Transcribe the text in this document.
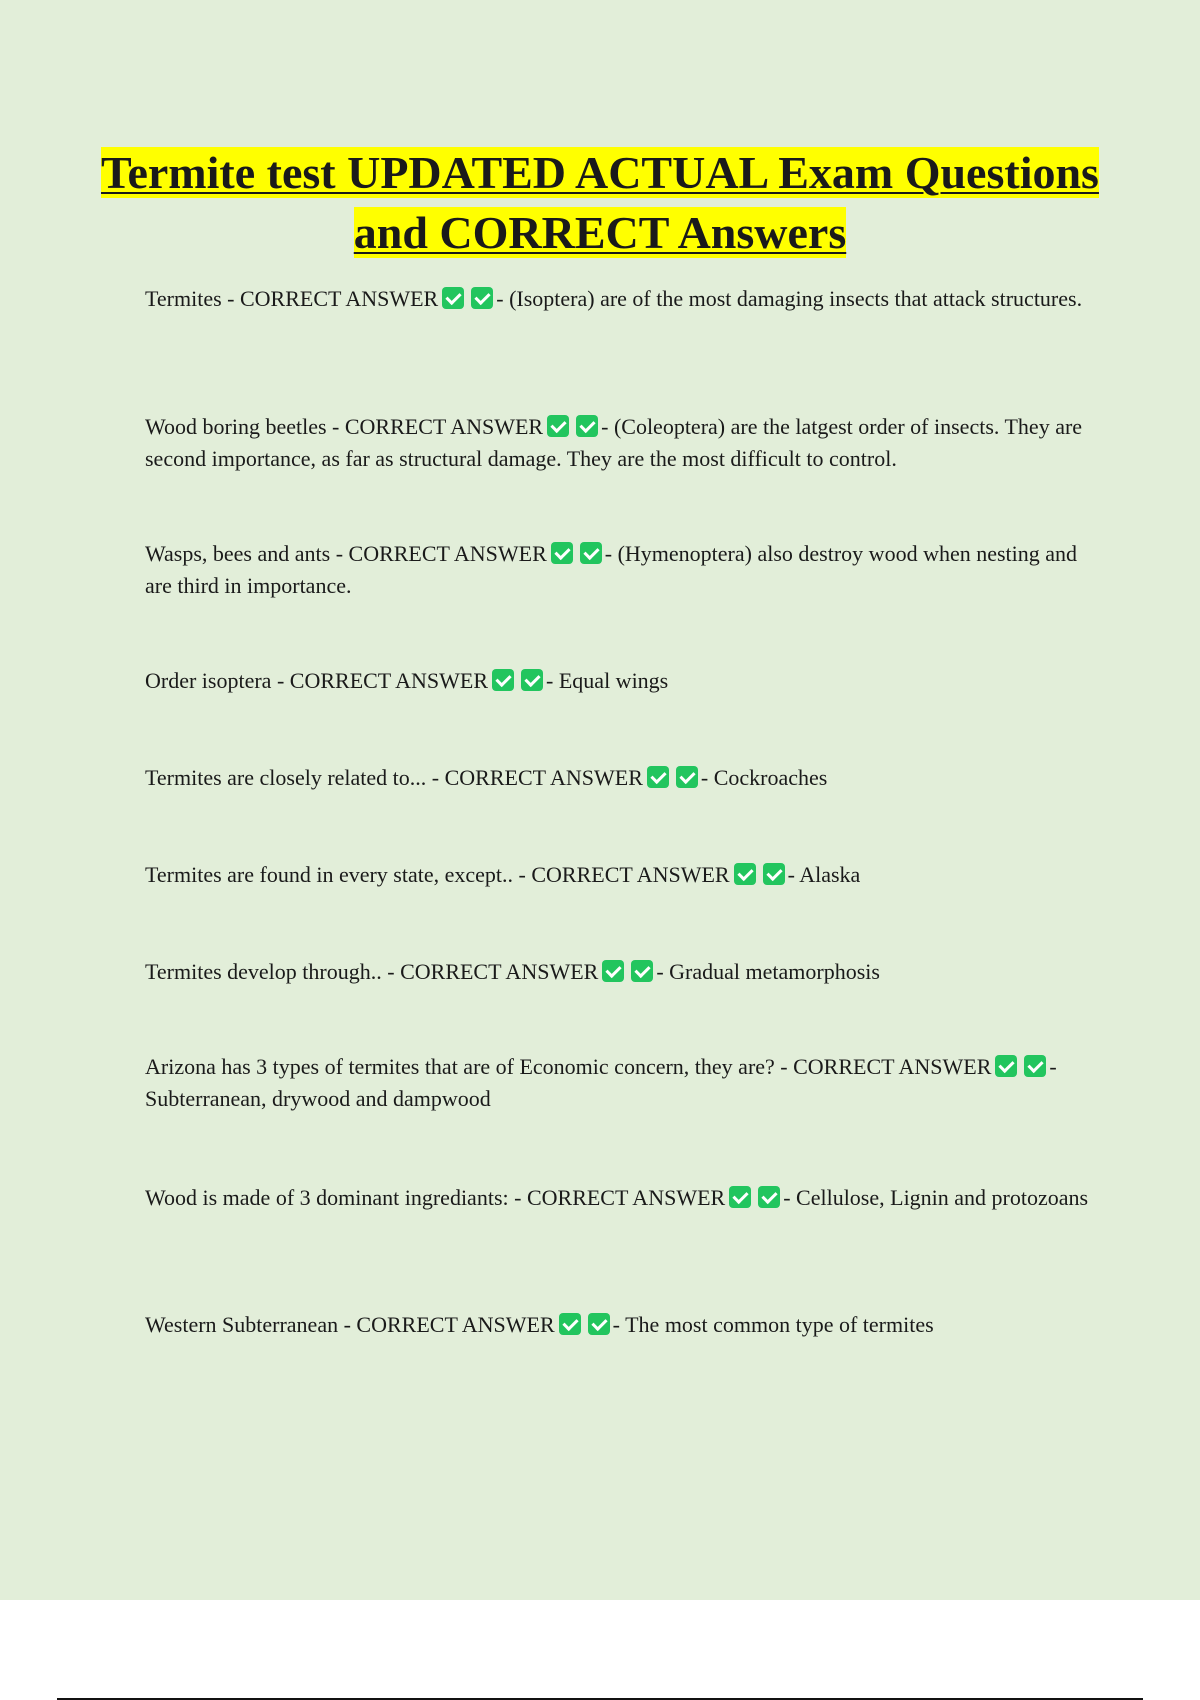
Termite test UPDATED ACTUAL Exam Questions and CORRECT Answers

Termites - CORRECT ANSWER	- (Isoptera) are of the most damaging insects that attack structures.

Wood boring beetles - CORRECT ANSWER	- (Coleoptera) are the latgest order of insects. They are second importance, as far as structural damage. They are the most difficult to control.

Wasps, bees and ants - CORRECT ANSWER	- (Hymenoptera) also destroy wood when nesting and are third in importance.

Order isoptera - CORRECT ANSWER	- Equal wings

Termites are closely related to... - CORRECT ANSWER	- Cockroaches

Termites are found in every state, except.. - CORRECT ANSWER	- Alaska

Termites develop through.. - CORRECT ANSWER	- Gradual metamorphosis

Arizona has 3 types of termites that are of Economic concern, they are? - CORRECT ANSWER	- Subterranean, drywood and dampwood

Wood is made of 3 dominant ingrediants: - CORRECT ANSWER	- Cellulose, Lignin and protozoans

Western Subterranean - CORRECT ANSWER	- The most common type of termites
